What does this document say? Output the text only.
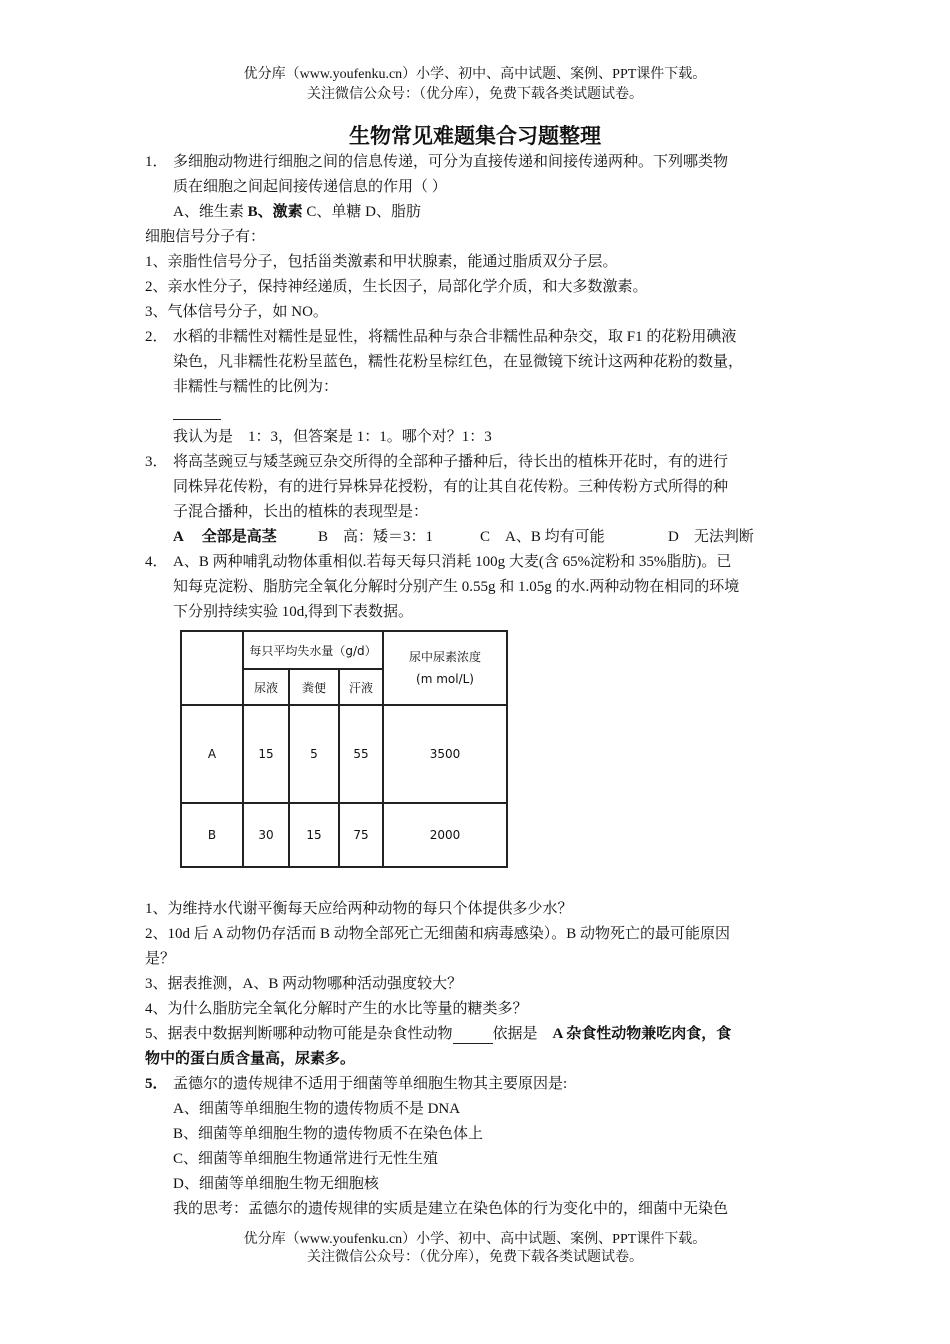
优分库（www.youfenku.cn）小学、初中、高中试题、案例、PPT课件下载。
关注微信公众号：（优分库），免费下载各类试题试卷。
生物常见难题集合习题整理
1． 多细胞动物进行细胞之间的信息传递，可分为直接传递和间接传递两种。下列哪类物
质在细胞之间起间接传递信息的作用（ ）
A、维生素 B、激素 C、单糖 D、脂肪
细胞信号分子有：
1、亲脂性信号分子，包括甾类激素和甲状腺素，能通过脂质双分子层。
2、亲水性分子，保持神经递质，生长因子，局部化学介质，和大多数激素。
3、气体信号分子，如 NO。
2． 水稻的非糯性对糯性是显性，将糯性品种与杂合非糯性品种杂交，取 F1 的花粉用碘液
染色，凡非糯性花粉呈蓝色，糯性花粉呈棕红色，在显微镜下统计这两种花粉的数量，
非糯性与糯性的比例为：
我认为是　1：3，但答案是 1：1。哪个对？1：3
3． 将高茎豌豆与矮茎豌豆杂交所得的全部种子播种后，待长出的植株开花时，有的进行
同株异花传粉，有的进行异株异花授粉，有的让其自花传粉。三种传粉方式所得的种
子混合播种，长出的植株的表现型是：
A　 全部是高茎	B　高：矮＝3：1	C　A、B 均有可能	D　无法判断
4． A、B 两种哺乳动物体重相似.若每天每只消耗 100g 大麦(含 65%淀粉和 35%脂肪)。已
知每克淀粉、脂肪完全氧化分解时分别产生 0.55g 和 1.05g 的水.两种动物在相同的环境
下分别持续实验 10d,得到下表数据。
	每只平均失水量（g/d）			尿中尿素浓度
(m mol/L)

	尿液	粪便	汗液	
A	15	5	55	3500
B	30	15	75	2000
1、为维持水代谢平衡每天应给两种动物的每只个体提供多少水？
2、10d 后 A 动物仍存活而 B 动物全部死亡无细菌和病毒感染）。B 动物死亡的最可能原因
是？
3、据表推测，A、B 两动物哪种活动强度较大？
4、为什么脂肪完全氧化分解时产生的水比等量的糖类多？
5、据表中数据判断哪种动物可能是杂食性动物	依据是　A 杂食性动物兼吃肉食，食
物中的蛋白质含量高，尿素多。
5． 孟德尔的遗传规律不适用于细菌等单细胞生物其主要原因是:
A、细菌等单细胞生物的遗传物质不是 DNA
B、细菌等单细胞生物的遗传物质不在染色体上
C、细菌等单细胞生物通常进行无性生殖
D、细菌等单细胞生物无细胞核
我的思考：孟德尔的遗传规律的实质是建立在染色体的行为变化中的，细菌中无染色
优分库（www.youfenku.cn）小学、初中、高中试题、案例、PPT课件下载。
关注微信公众号：（优分库），免费下载各类试题试卷。
